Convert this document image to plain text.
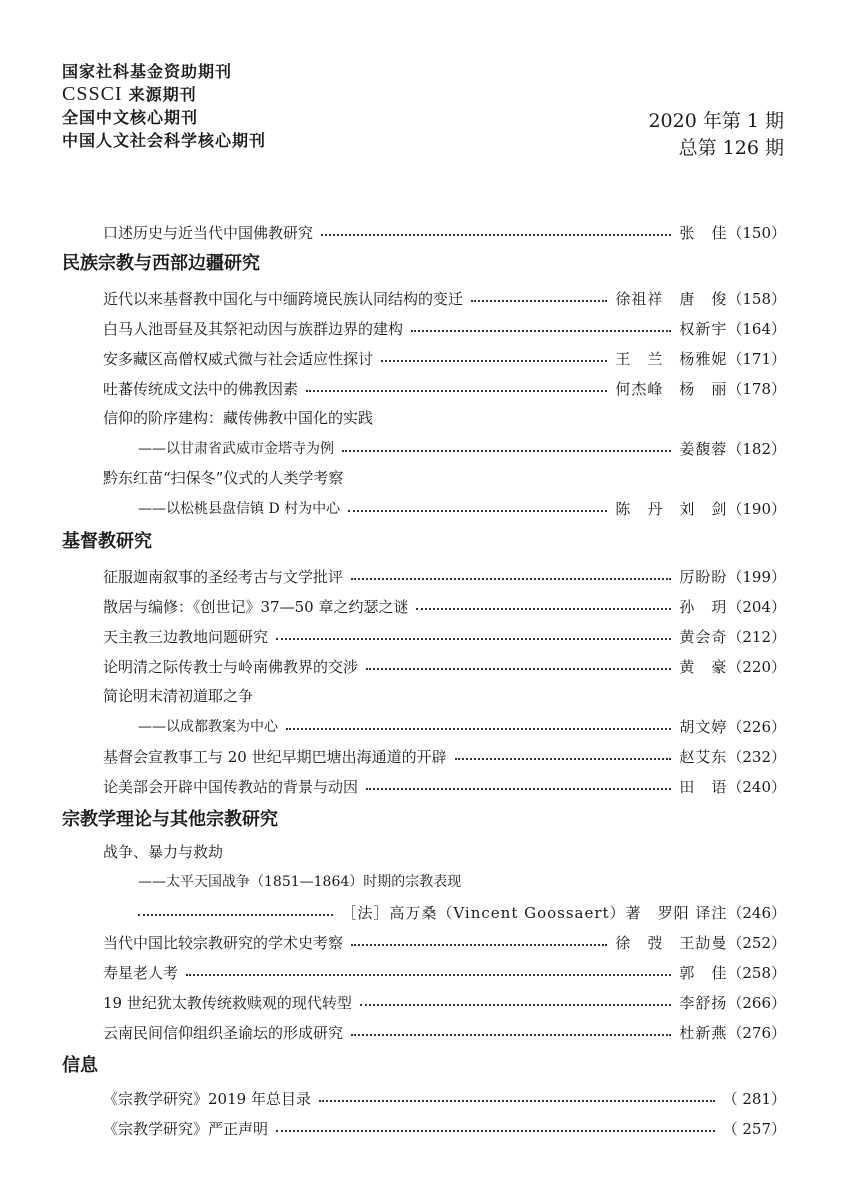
国家社科基金资助期刊
CSSCI 来源期刊
全国中文核心期刊
中国人文社会科学核心期刊
2020 年第 1 期
总第 126 期
口述历史与近当代中国佛教研究	张　佳 （150）
民族宗教与西部边疆研究
近代以来基督教中国化与中缅跨境民族认同结构的变迁	徐祖祥　唐　俊 （158）
白马人池哥昼及其祭祀动因与族群边界的建构	权新宇 （164）
安多藏区高僧权威式微与社会适应性探讨	王　兰　杨雅妮 （171）
吐蕃传统成文法中的佛教因素	何杰峰　杨　丽 （178）
信仰的阶序建构：藏传佛教中国化的实践
——以甘肃省武威市金塔寺为例	姜馥蓉 （182）
黔东红苗“扫保冬”仪式的人类学考察
——以松桃县盘信镇 D 村为中心	陈　丹　刘　剑 （190）
基督教研究
征服迦南叙事的圣经考古与文学批评	厉盼盼 （199）
散居与编修：《创世记》37—50 章之约瑟之谜	孙　玥 （204）
天主教三边教地问题研究	黄会奇 （212）
论明清之际传教士与岭南佛教界的交涉	黄　豪 （220）
简论明末清初道耶之争
——以成都教案为中心	胡文婷 （226）
基督会宣教事工与 20 世纪早期巴塘出海通道的开辟	赵艾东 （232）
论美部会开辟中国传教站的背景与动因	田　语 （240）
宗教学理论与其他宗教研究
战争、暴力与救劫
——太平天国战争（1851—1864）时期的宗教表现
［法］高万桑（Vincent Goossaert）著　罗阳 译注 （246）
当代中国比较宗教研究的学术史考察	徐　弢　王劼曼 （252）
寿星老人考	郭　佳 （258）
19 世纪犹太教传统救赎观的现代转型	李舒扬 （266）
云南民间信仰组织圣谕坛的形成研究	杜新燕 （276）
信息
《宗教学研究》2019 年总目录	（ 281）
《宗教学研究》严正声明	（ 257）
